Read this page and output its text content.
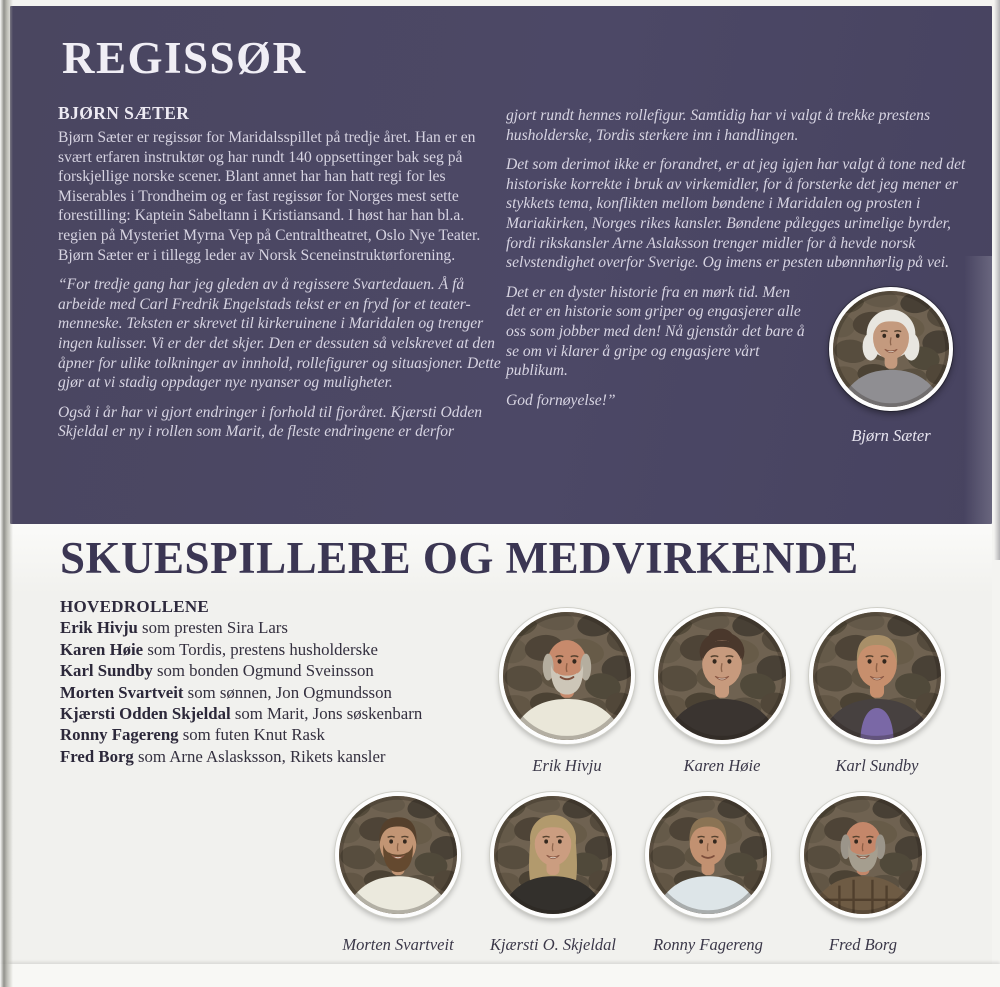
REGISSØR
BJØRN SÆTER

Bjørn Sæter er regissør for Maridalsspillet på tredje året. Han er en svært erfaren instruktør og har rundt 140 oppsettinger bak seg på forskjellige norske scener. Blant annet har han hatt regi for les Miserables i Trondheim og er fast regissør for Norges mest sette forestilling: Kaptein Sabeltann i Kristiansand. I høst har han bl.a. regien på Mysteriet Myrna Vep på Centraltheatret, Oslo Nye Teater. Bjørn Sæter er i tillegg leder av Norsk Sceneinstruktørforening.

“For tredje gang har jeg gleden av å regissere Svartedauen. Å få arbeide med Carl Fredrik Engelstads tekst er en fryd for et teater-menneske. Teksten er skrevet til kirkeruinene i Maridalen og trenger ingen kulisser. Vi er der det skjer. Den er dessuten så velskrevet at den åpner for ulike tolkninger av innhold, rollefigurer og situasjoner. Dette gjør at vi stadig oppdager nye nyanser og muligheter.

Også i år har vi gjort endringer i forhold til fjoråret. Kjærsti Odden Skjeldal er ny i rollen som Marit, de fleste endringene er derfor

gjort rundt hennes rollefigur. Samtidig har vi valgt å trekke prestens husholderske, Tordis sterkere inn i handlingen.

Det som derimot ikke er forandret, er at jeg igjen har valgt å tone ned det historiske korrekte i bruk av virkemidler, for å forsterke det jeg mener er stykkets tema, konflikten mellom bøndene i Maridalen og prosten i Mariakirken, Norges rikes kansler. Bøndene pålegges urimelige byrder, fordi rikskansler Arne Aslaksson trenger midler for å hevde norsk selvstendighet overfor Sverige. Og imens er pesten ubønnhørlig på vei.

Bjørn Sæter

Det er en dyster historie fra en mørk tid. Men det er en historie som griper og engasjerer alle oss som jobber med den! Nå gjenstår det bare å se om vi klarer å gripe og engasjere vårt publikum.

God fornøyelse!”

SKUESPILLERE OG MEDVIRKENDE
HOVEDROLLENE
Erik Hivju som presten Sira Lars
Karen Høie som Tordis, prestens husholderske
Karl Sundby som bonden Ogmund Sveinsson
Morten Svartveit som sønnen, Jon Ogmundsson
Kjærsti Odden Skjeldal som Marit, Jons søskenbarn
Ronny Fagereng som futen Knut Rask
Fred Borg som Arne Aslasksson, Rikets kansler	Erik Hivju	Karen Høie	Karl Sundby
Morten Svartveit	Kjærsti O. Skjeldal	Ronny Fagereng	Fred Borg
